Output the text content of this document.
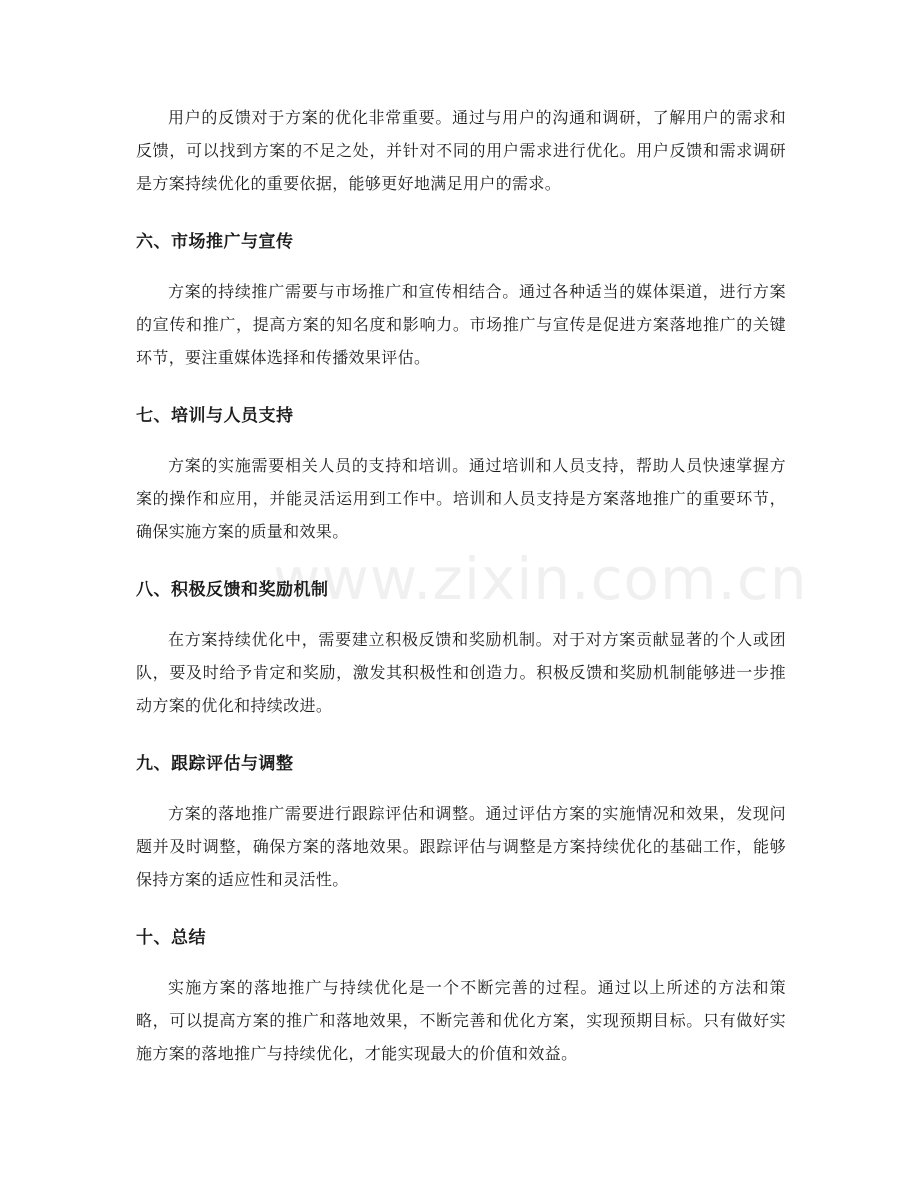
用户的反馈对于方案的优化非常重要。通过与用户的沟通和调研，了解用户的需求和反馈，可以找到方案的不足之处，并针对不同的用户需求进行优化。用户反馈和需求调研是方案持续优化的重要依据，能够更好地满足用户的需求。

六、市场推广与宣传

方案的持续推广需要与市场推广和宣传相结合。通过各种适当的媒体渠道，进行方案的宣传和推广，提高方案的知名度和影响力。市场推广与宣传是促进方案落地推广的关键环节，要注重媒体选择和传播效果评估。

七、培训与人员支持

方案的实施需要相关人员的支持和培训。通过培训和人员支持，帮助人员快速掌握方案的操作和应用，并能灵活运用到工作中。培训和人员支持是方案落地推广的重要环节，确保实施方案的质量和效果。

八、积极反馈和奖励机制

在方案持续优化中，需要建立积极反馈和奖励机制。对于对方案贡献显著的个人或团队，要及时给予肯定和奖励，激发其积极性和创造力。积极反馈和奖励机制能够进一步推动方案的优化和持续改进。

九、跟踪评估与调整

方案的落地推广需要进行跟踪评估和调整。通过评估方案的实施情况和效果，发现问题并及时调整，确保方案的落地效果。跟踪评估与调整是方案持续优化的基础工作，能够保持方案的适应性和灵活性。

十、总结

实施方案的落地推广与持续优化是一个不断完善的过程。通过以上所述的方法和策略，可以提高方案的推广和落地效果，不断完善和优化方案，实现预期目标。只有做好实施方案的落地推广与持续优化，才能实现最大的价值和效益。

www.zixin.com.cn
